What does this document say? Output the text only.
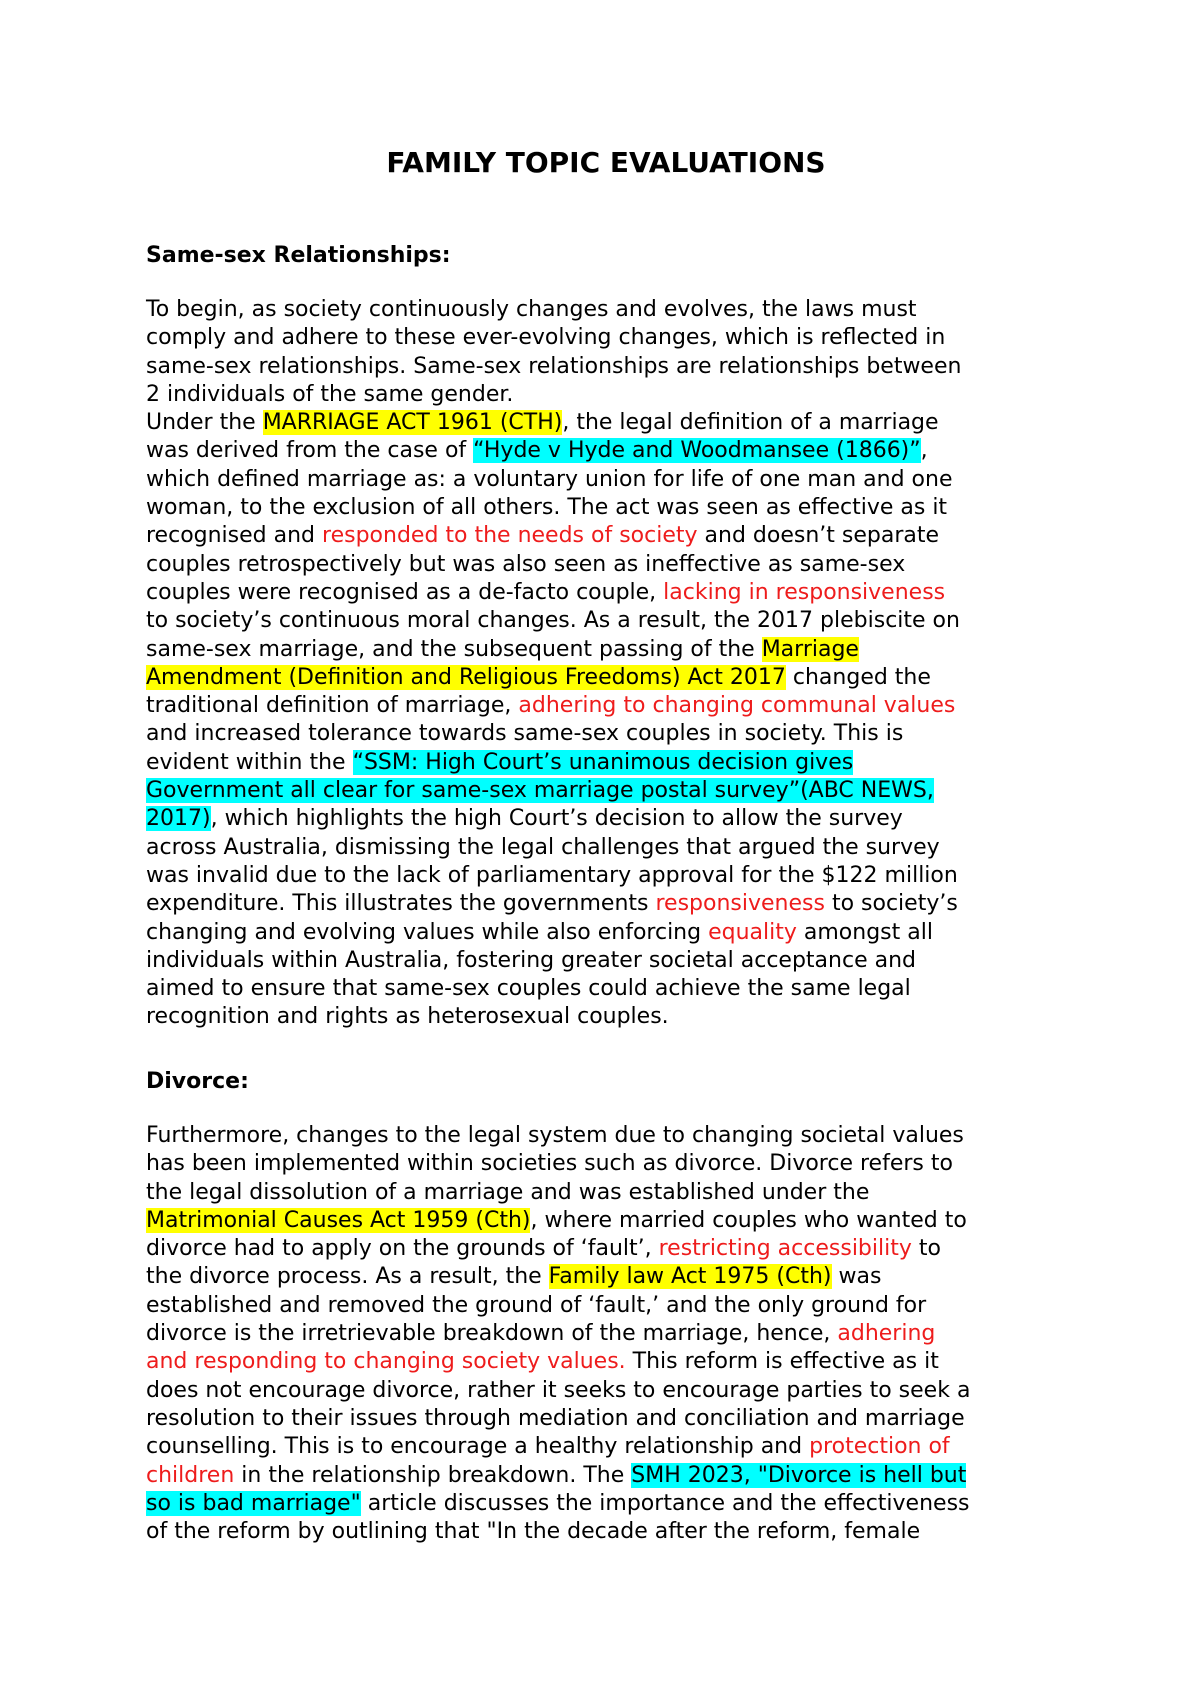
FAMILY TOPIC EVALUATIONS
Same-sex Relationships:

To begin, as society continuously changes and evolves, the laws must
comply and adhere to these ever-evolving changes, which is reflected in
same-sex relationships. Same-sex relationships are relationships between
2 individuals of the same gender.
Under the MARRIAGE ACT 1961 (CTH), the legal definition of a marriage
was derived from the case of “Hyde v Hyde and Woodmansee (1866)”,
which defined marriage as: a voluntary union for life of one man and one
woman, to the exclusion of all others. The act was seen as effective as it
recognised and responded to the needs of society and doesn’t separate
couples retrospectively but was also seen as ineffective as same-sex
couples were recognised as a de-facto couple, lacking in responsiveness
to society’s continuous moral changes. As a result, the 2017 plebiscite on
same-sex marriage, and the subsequent passing of the Marriage
Amendment (Definition and Religious Freedoms) Act 2017 changed the
traditional definition of marriage, adhering to changing communal values
and increased tolerance towards same-sex couples in society. This is
evident within the “SSM: High Court’s unanimous decision gives
Government all clear for same-sex marriage postal survey”(ABC NEWS,
2017), which highlights the high Court’s decision to allow the survey
across Australia, dismissing the legal challenges that argued the survey
was invalid due to the lack of parliamentary approval for the $122 million
expenditure. This illustrates the governments responsiveness to society’s
changing and evolving values while also enforcing equality amongst all
individuals within Australia, fostering greater societal acceptance and
aimed to ensure that same-sex couples could achieve the same legal
recognition and rights as heterosexual couples.

Divorce:

Furthermore, changes to the legal system due to changing societal values
has been implemented within societies such as divorce. Divorce refers to
the legal dissolution of a marriage and was established under the
Matrimonial Causes Act 1959 (Cth), where married couples who wanted to
divorce had to apply on the grounds of ‘fault’, restricting accessibility to
the divorce process. As a result, the Family law Act 1975 (Cth) was
established and removed the ground of ‘fault,’ and the only ground for
divorce is the irretrievable breakdown of the marriage, hence, adhering
and responding to changing society values. This reform is effective as it
does not encourage divorce, rather it seeks to encourage parties to seek a
resolution to their issues through mediation and conciliation and marriage
counselling. This is to encourage a healthy relationship and protection of
children in the relationship breakdown. The SMH 2023, "Divorce is hell but
so is bad marriage" article discusses the importance and the effectiveness
of the reform by outlining that "In the decade after the reform, female
